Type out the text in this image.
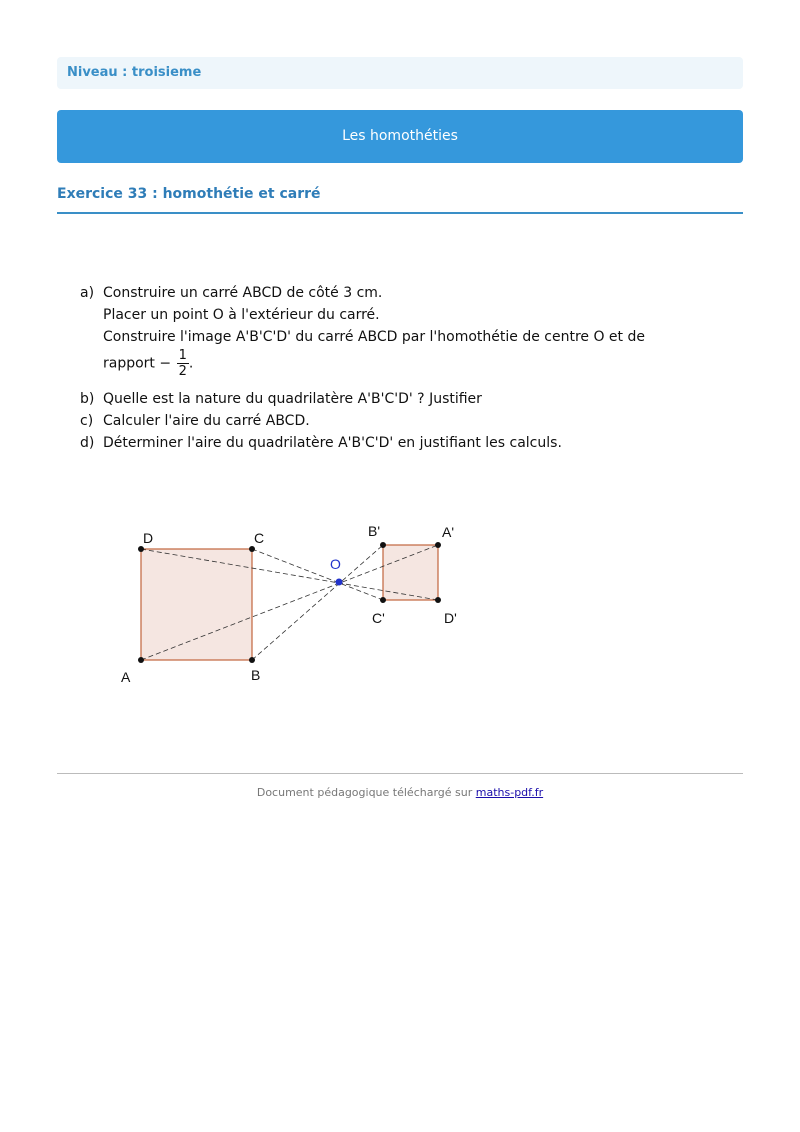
Niveau : troisieme
Les homothéties
Exercice 33 : homothétie et carré
a) Construire un carré ABCD de côté 3 cm.
Placer un point O à l'extérieur du carré.
Construire l'image A'B'C'D' du carré ABCD par l'homothétie de centre O et de
rapport − $\frac{1}{2}$ .
b) Quelle est la nature du quadrilatère A'B'C'D' ? Justifier
c) Calculer l'aire du carré ABCD.
d) Déterminer l'aire du quadrilatère A'B'C'D' en justifiant les calculs.
D	C
A	B
B'	A'
C'	D'
O
Document pédagogique téléchargé sur maths-pdf.fr
